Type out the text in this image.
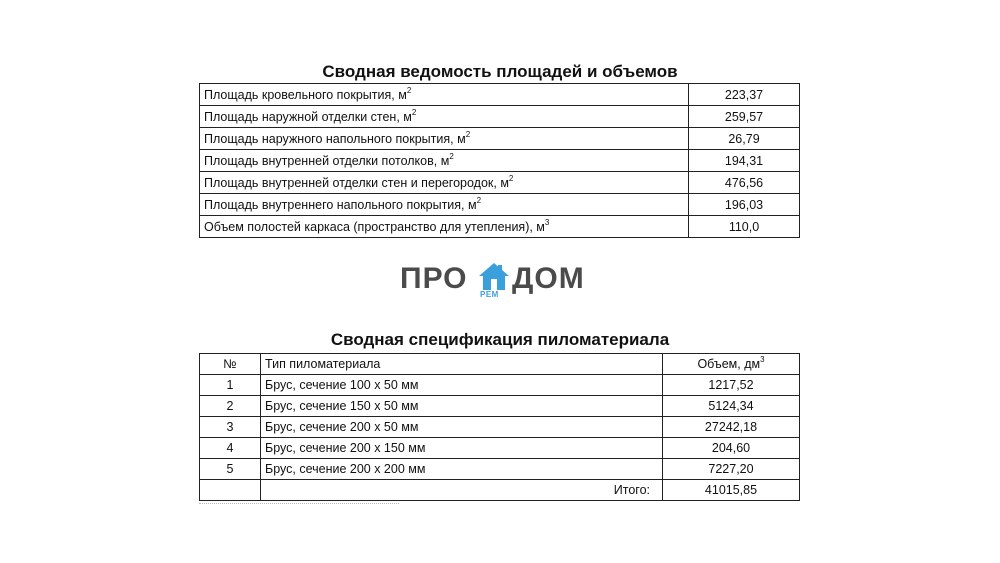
Сводная ведомость площадей и объемов
Площадь кровельного покрытия, $м^2$	223,37
Площадь наружной отделки стен, $м^2$	259,57
Площадь наружного напольного покрытия, $м^2$	26,79
Площадь внутренней отделки потолков, $м^2$	194,31
Площадь внутренней отделки стен и перегородок, $м^2$	476,56
Площадь внутреннего напольного покрытия, $м^2$	196,03
Объем полостей каркаса (пространство для утепления), $м^3$	110,0
ПРО РЕМ ДОМ
Сводная спецификация пиломатериала
№	Тип пиломатериала	Объем, $дм^3$
1	Брус, сечение 100 х 50 мм	1217,52
2	Брус, сечение 150 х 50 мм	5124,34
3	Брус, сечение 200 х 50 мм	27242,18
4	Брус, сечение 200 х 150 мм	204,60
5	Брус, сечение 200 х 200 мм	7227,20
	Итого:	41015,85
